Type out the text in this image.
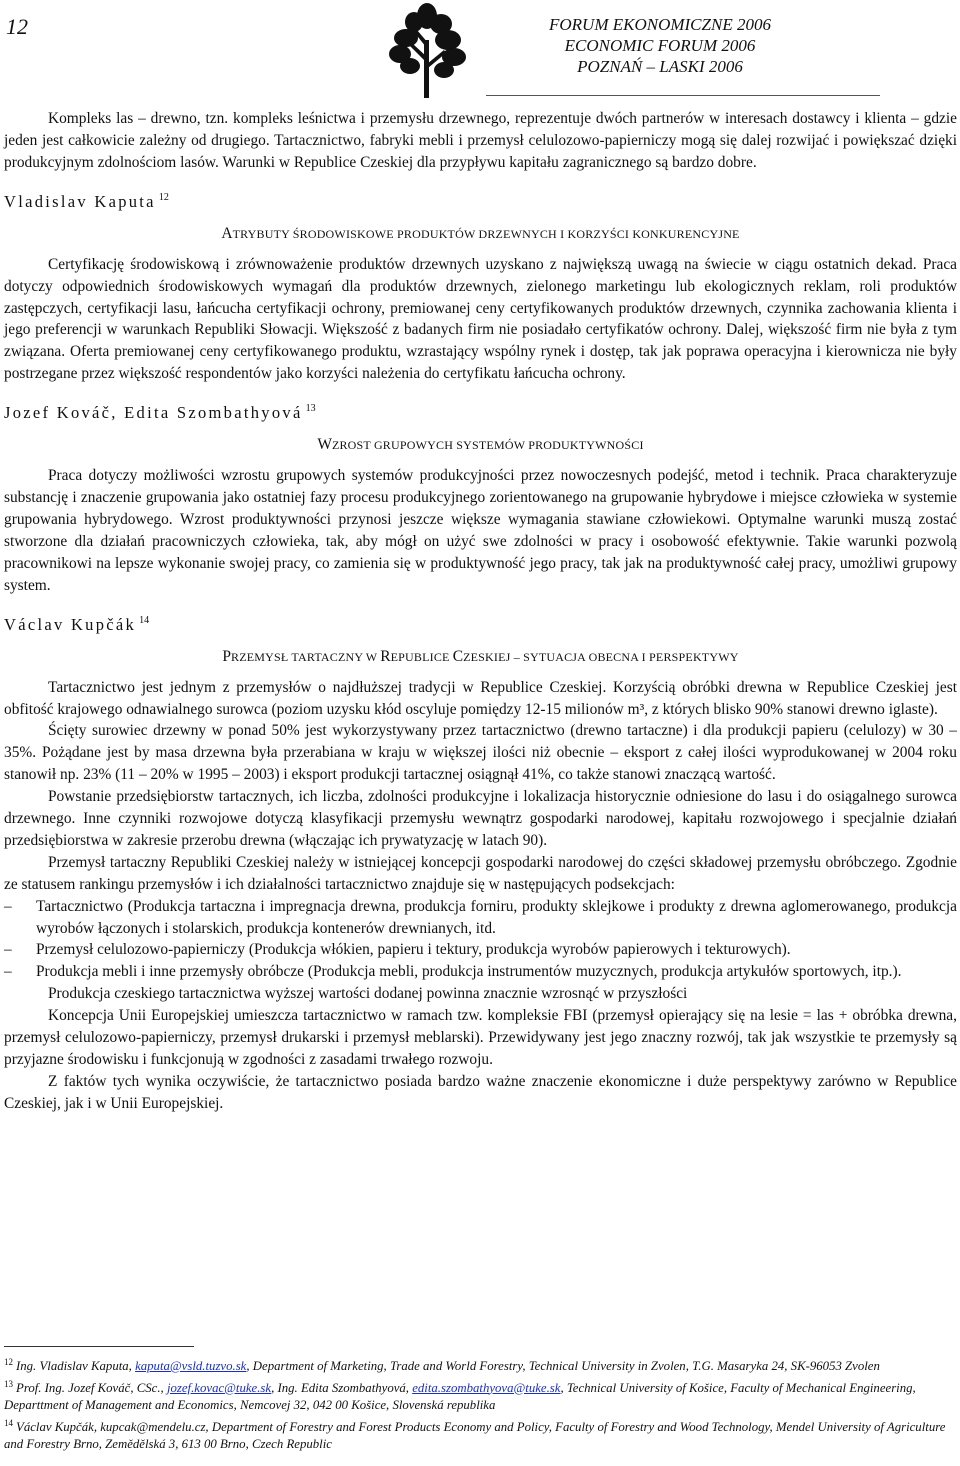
12	FORUM EKONOMICZNE 2006
ECONOMIC FORUM 2006
POZNAŃ – LASKI 2006

Kompleks las – drewno, tzn. kompleks leśnictwa i przemysłu drzewnego, reprezentuje dwóch partnerów w interesach dostawcy i klienta – gdzie jeden jest całkowicie zależny od drugiego. Tartacznictwo, fabryki mebli i przemysł celulozowo-papierniczy mogą się dalej rozwijać i powiększać dzięki produkcyjnym zdolnościom lasów. Warunki w Republice Czeskiej dla przypływu kapitału zagranicznego są bardzo dobre.

Vladislav Kaputa $^{12}$
ATRYBUTY ŚRODOWISKOWE PRODUKTÓW DRZEWNYCH I KORZYŚCI KONKURENCYJNE

Certyfikację środowiskową i zrównoważenie produktów drzewnych uzyskano z największą uwagą na świecie w ciągu ostatnich dekad. Praca dotyczy odpowiednich środowiskowych wymagań dla produktów drzewnych, zielonego marketingu lub ekologicznych reklam, roli produktów zastępczych, certyfikacji lasu, łańcucha certyfikacji ochrony, premiowanej ceny certyfikowanych produktów drzewnych, czynnika zachowania klienta i jego preferencji w warunkach Republiki Słowacji. Większość z badanych firm nie posiadało certyfikatów ochrony. Dalej, większość firm nie była z tym związana. Oferta premiowanej ceny certyfikowanego produktu, wzrastający wspólny rynek i dostęp, tak jak poprawa operacyjna i kierownicza nie były postrzegane przez większość respondentów jako korzyści należenia do certyfikatu łańcucha ochrony.

Jozef Kováč, Edita Szombathyová $^{13}$
WZROST GRUPOWYCH SYSTEMÓW PRODUKTYWNOŚCI

Praca dotyczy możliwości wzrostu grupowych systemów produkcyjności przez nowoczesnych podejść, metod i technik. Praca charakteryzuje substancję i znaczenie grupowania jako ostatniej fazy procesu produkcyjnego zorientowanego na grupowanie hybrydowe i miejsce człowieka w systemie grupowania hybrydowego. Wzrost produktywności przynosi jeszcze większe wymagania stawiane człowiekowi. Optymalne warunki muszą zostać stworzone dla działań pracowniczych człowieka, tak, aby mógł on użyć swe zdolności w pracy i osobowość efektywnie. Takie warunki pozwolą pracownikowi na lepsze wykonanie swojej pracy, co zamienia się w produktywność jego pracy, tak jak na produktywność całej pracy, umożliwi grupowy system.

Václav Kupčák $^{14}$
PRZEMYSŁ TARTACZNY W REPUBLICE CZESKIEJ – SYTUACJA OBECNA I PERSPEKTYWY

Tartacznictwo jest jednym z przemysłów o najdłuższej tradycji w Republice Czeskiej. Korzyścią obróbki drewna w Republice Czeskiej jest obfitość krajowego odnawialnego surowca (poziom uzysku kłód oscyluje pomiędzy 12-15 milionów m³, z których blisko 90% stanowi drewno iglaste).

Ścięty surowiec drzewny w ponad 50% jest wykorzystywany przez tartacznictwo (drewno tartaczne) i dla produkcji papieru (celulozy) w 30 – 35%. Pożądane jest by masa drzewna była przerabiana w kraju w większej ilości niż obecnie – eksport z całej ilości wyprodukowanej w 2004 roku stanowił np. 23% (11 – 20% w 1995 – 2003) i eksport produkcji tartacznej osiągnął 41%, co także stanowi znaczącą wartość.

Powstanie przedsiębiorstw tartacznych, ich liczba, zdolności produkcyjne i lokalizacja historycznie odniesione do lasu i do osiągalnego surowca drzewnego. Inne czynniki rozwojowe dotyczą klasyfikacji przemysłu wewnątrz gospodarki narodowej, kapitału rozwojowego i specjalnie działań przedsiębiorstwa w zakresie przerobu drewna (włączając ich prywatyzację w latach 90).

Przemysł tartaczny Republiki Czeskiej należy w istniejącej koncepcji gospodarki narodowej do części składowej przemysłu obróbczego. Zgodnie ze statusem rankingu przemysłów i ich działalności tartacznictwo znajduje się w następujących podsekcjach:

– Tartacznictwo (Produkcja tartaczna i impregnacja drewna, produkcja forniru, produkty sklejkowe i produkty z drewna aglomerowanego, produkcja wyrobów łączonych i stolarskich, produkcja kontenerów drewnianych, itd.
– Przemysł celulozowo-papierniczy (Produkcja włókien, papieru i tektury, produkcja wyrobów papierowych i tekturowych).
– Produkcja mebli i inne przemysły obróbcze (Produkcja mebli, produkcja instrumentów muzycznych, produkcja artykułów sportowych, itp.).

Produkcja czeskiego tartacznictwa wyższej wartości dodanej powinna znacznie wzrosnąć w przyszłości

Koncepcja Unii Europejskiej umieszcza tartacznictwo w ramach tzw. kompleksie FBI (przemysł opierający się na lesie = las + obróbka drewna, przemysł celulozowo-papierniczy, przemysł drukarski i przemysł meblarski). Przewidywany jest jego znaczny rozwój, tak jak wszystkie te przemysły są przyjazne środowisku i funkcjonują w zgodności z zasadami trwałego rozwoju.

Z faktów tych wynika oczywiście, że tartacznictwo posiada bardzo ważne znaczenie ekonomiczne i duże perspektywy zarówno w Republice Czeskiej, jak i w Unii Europejskiej.

$^{12}$ Ing. Vladislav Kaputa, kaputa@vsld.tuzvo.sk, Department of Marketing, Trade and World Forestry, Technical University in Zvolen, T.G. Masaryka 24, SK-96053 Zvolen

$^{13}$ Prof. Ing. Jozef Kováč, CSc., jozef.kovac@tuke.sk, Ing. Edita Szombathyová, edita.szombathyova@tuke.sk, Technical University of Košice, Faculty of Mechanical Engineering, Departtment of Management and Economics, Nemcovej 32, 042 00 Košice, Slovenská republika

$^{14}$ Václav Kupčák, kupcak@mendelu.cz, Department of Forestry and Forest Products Economy and Policy, Faculty of Forestry and Wood Technology, Mendel University of Agriculture and Forestry Brno, Zemědělská 3, 613 00 Brno, Czech Republic
